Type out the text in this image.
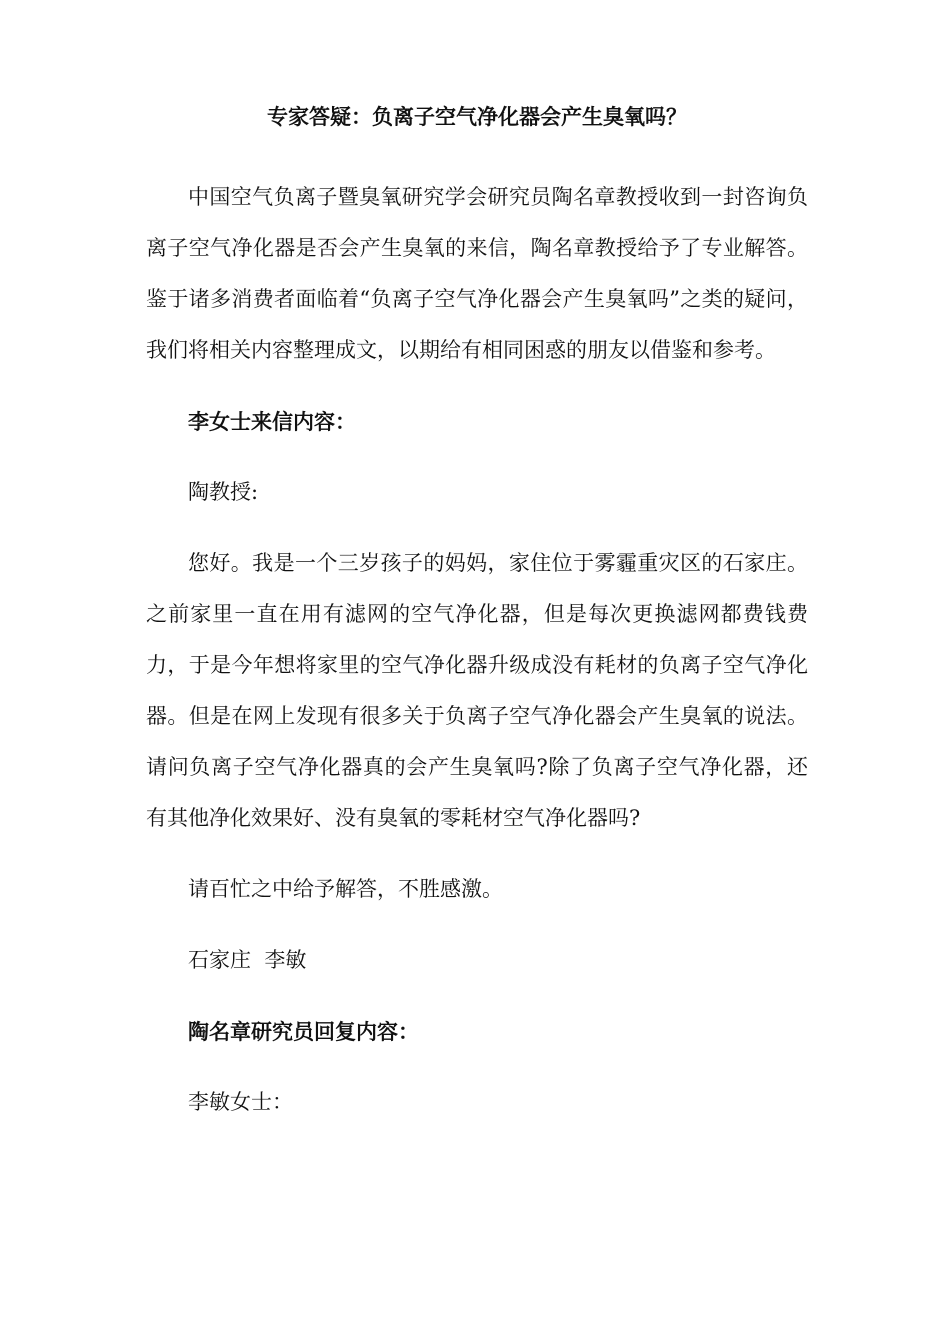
专家答疑：负离子空气净化器会产生臭氧吗？

中国空气负离子暨臭氧研究学会研究员陶名章教授收到一封咨询负离子空气净化器是否会产生臭氧的来信，陶名章教授给予了专业解答。鉴于诸多消费者面临着“负离子空气净化器会产生臭氧吗”之类的疑问，我们将相关内容整理成文，以期给有相同困惑的朋友以借鉴和参考。

李女士来信内容：

陶教授:

您好。我是一个三岁孩子的妈妈，家住位于雾霾重灾区的石家庄。之前家里一直在用有滤网的空气净化器，但是每次更换滤网都费钱费力，于是今年想将家里的空气净化器升级成没有耗材的负离子空气净化器。但是在网上发现有很多关于负离子空气净化器会产生臭氧的说法。请问负离子空气净化器真的会产生臭氧吗?除了负离子空气净化器，还有其他净化效果好、没有臭氧的零耗材空气净化器吗?

请百忙之中给予解答，不胜感激。

石家庄  李敏

陶名章研究员回复内容：

李敏女士：
